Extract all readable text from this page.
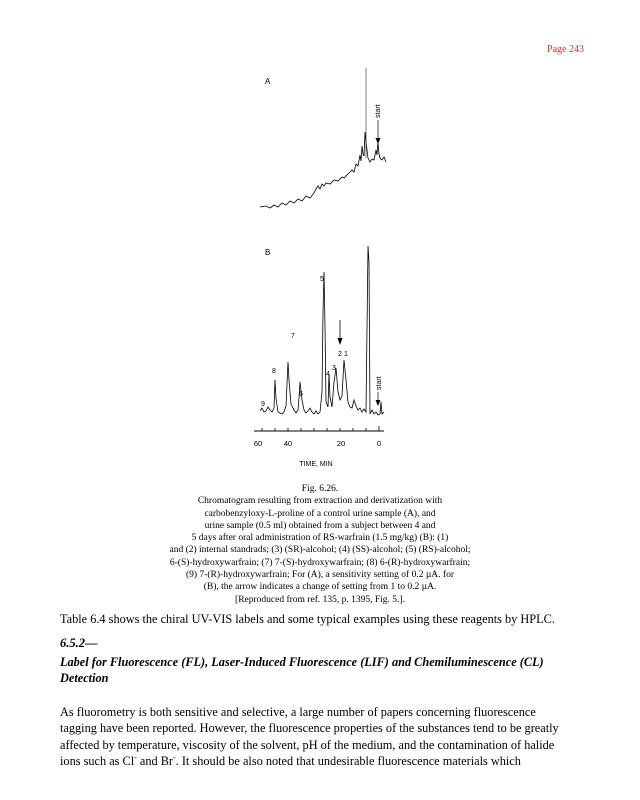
Page 243
A
start
B
9
8
7
6
5
4
3
2 1
start
60	40	20	0
TIME, MIN
Fig. 6.26.
Chromatogram resulting from extraction and derivatization with
carbobenzyloxy-L-proline of a control urine sample (A), and
urine sample (0.5 ml) obtained from a subject between 4 and
5 days after oral administration of RS-warfrain (1.5 mg/kg) (B): (1)
and (2) internal standrads; (3) (SR)-alcohol; (4) (SS)-alcohol; (5) (RS)-alcohol;
6-(S)-hydroxywarfrain; (7) 7-(S)-hydroxywarfrain; (8) 6-(R)-hydroxywarfrain;
(9) 7-(R)-hydroxywarfrain; For (A), a sensitivity setting of 0.2 µA. for
(B), the arrow indicates a change of setting from 1 to 0.2 µA.
[Reproduced from ref. 135, p. 1395, Fig. 5.].
Table 6.4 shows the chiral UV-VIS labels and some typical examples using these reagents by HPLC.
6.5.2—
Label for Fluorescence (FL), Laser-Induced Fluorescence (LIF) and Chemiluminescence (CL) Detection
As fluorometry is both sensitive and selective, a large number of papers concerning fluorescence
tagging have been reported. However, the fluorescence properties of the substances tend to be greatly
affected by temperature, viscosity of the solvent, pH of the medium, and the contamination of halide
ions such as Cl- and Br-. It should be also noted that undesirable fluorescence materials which
